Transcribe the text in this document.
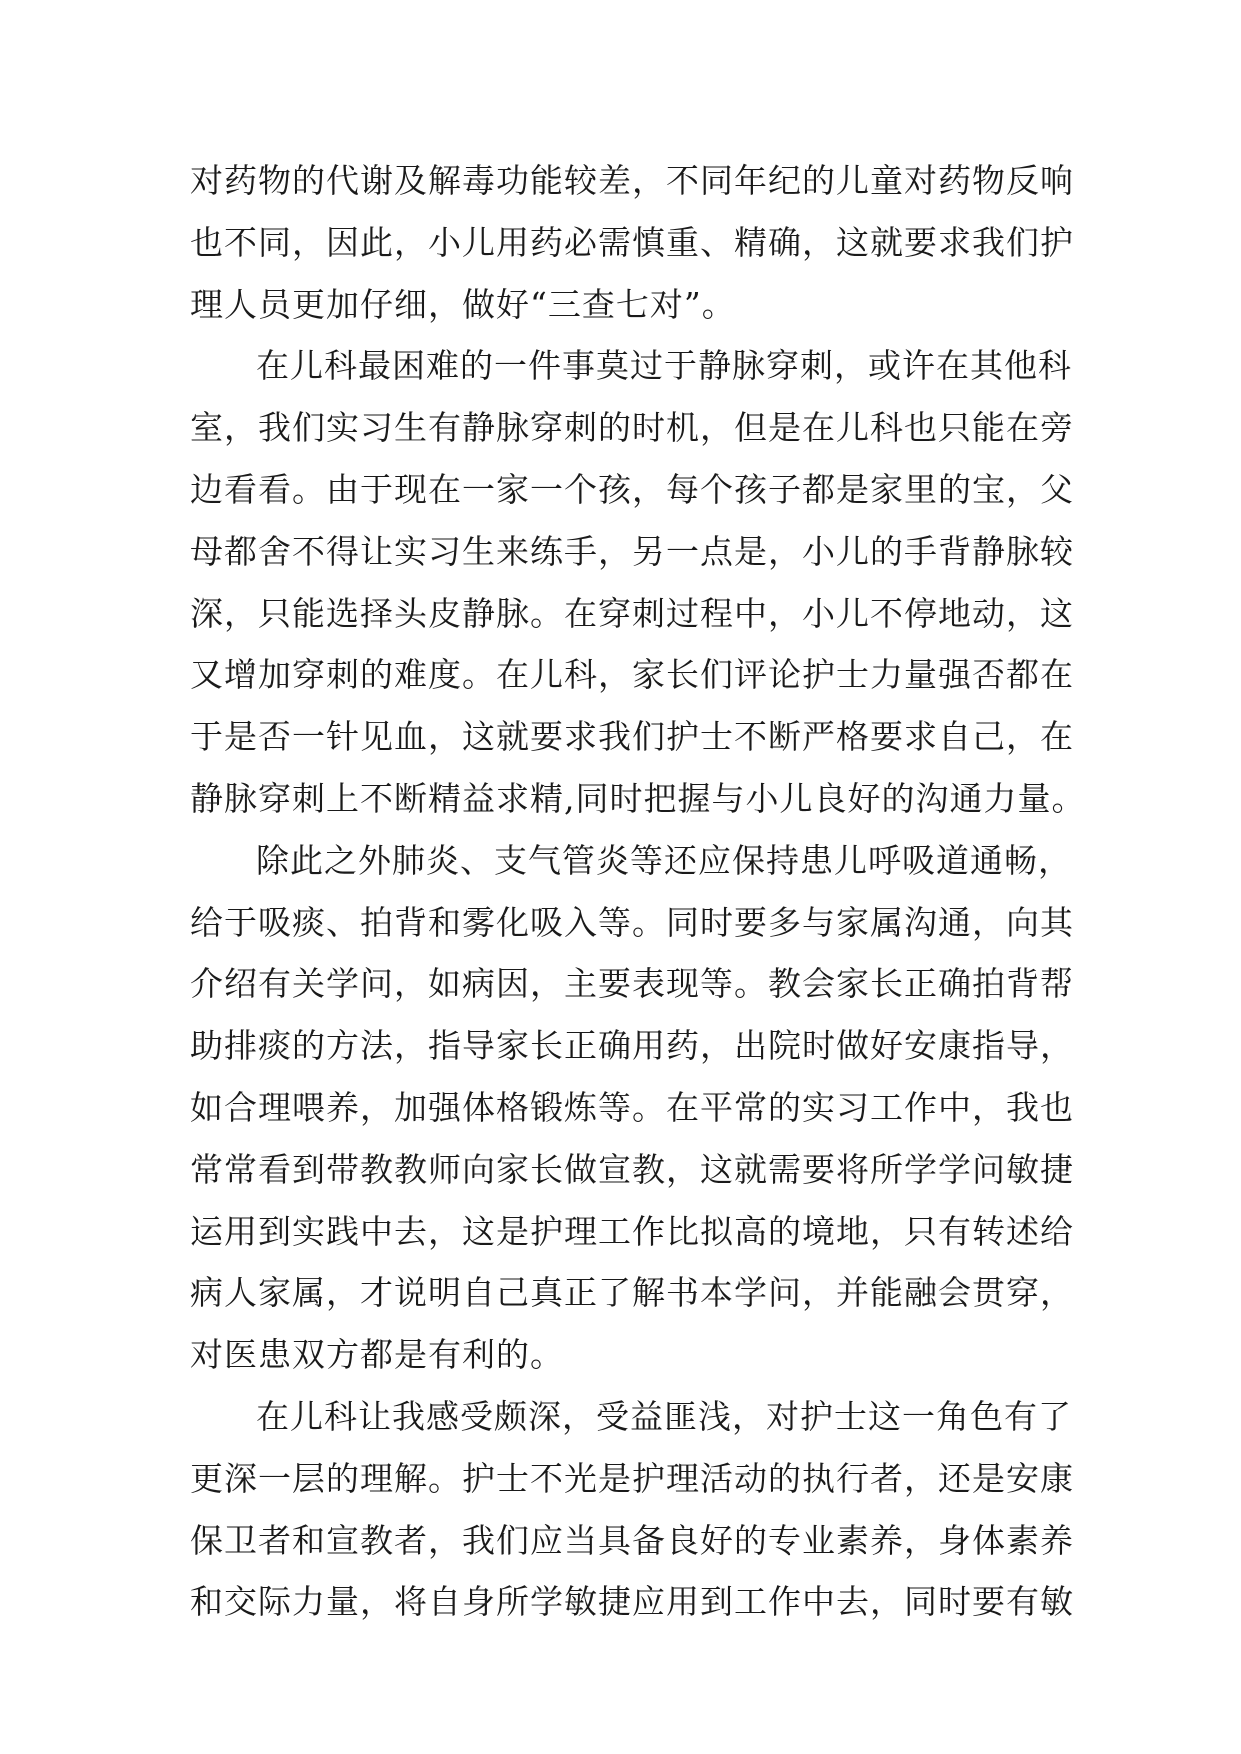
对药物的代谢及解毒功能较差，不同年纪的儿童对药物反响
也不同，因此，小儿用药必需慎重、精确，这就要求我们护
理人员更加仔细，做好“三查七对”。
在儿科最困难的一件事莫过于静脉穿刺，或许在其他科
室，我们实习生有静脉穿刺的时机，但是在儿科也只能在旁
边看看。由于现在一家一个孩，每个孩子都是家里的宝，父
母都舍不得让实习生来练手，另一点是，小儿的手背静脉较
深，只能选择头皮静脉。在穿刺过程中，小儿不停地动，这
又增加穿刺的难度。在儿科，家长们评论护士力量强否都在
于是否一针见血，这就要求我们护士不断严格要求自己，在
静脉穿刺上不断精益求精,同时把握与小儿良好的沟通力量。
除此之外肺炎、支气管炎等还应保持患儿呼吸道通畅，
给于吸痰、拍背和雾化吸入等。同时要多与家属沟通，向其
介绍有关学问，如病因，主要表现等。教会家长正确拍背帮
助排痰的方法，指导家长正确用药，出院时做好安康指导，
如合理喂养，加强体格锻炼等。在平常的实习工作中，我也
常常看到带教教师向家长做宣教，这就需要将所学学问敏捷
运用到实践中去，这是护理工作比拟高的境地，只有转述给
病人家属，才说明自己真正了解书本学问，并能融会贯穿，
对医患双方都是有利的。
在儿科让我感受颇深，受益匪浅，对护士这一角色有了
更深一层的理解。护士不光是护理活动的执行者，还是安康
保卫者和宣教者，我们应当具备良好的专业素养，身体素养
和交际力量，将自身所学敏捷应用到工作中去，同时要有敏
